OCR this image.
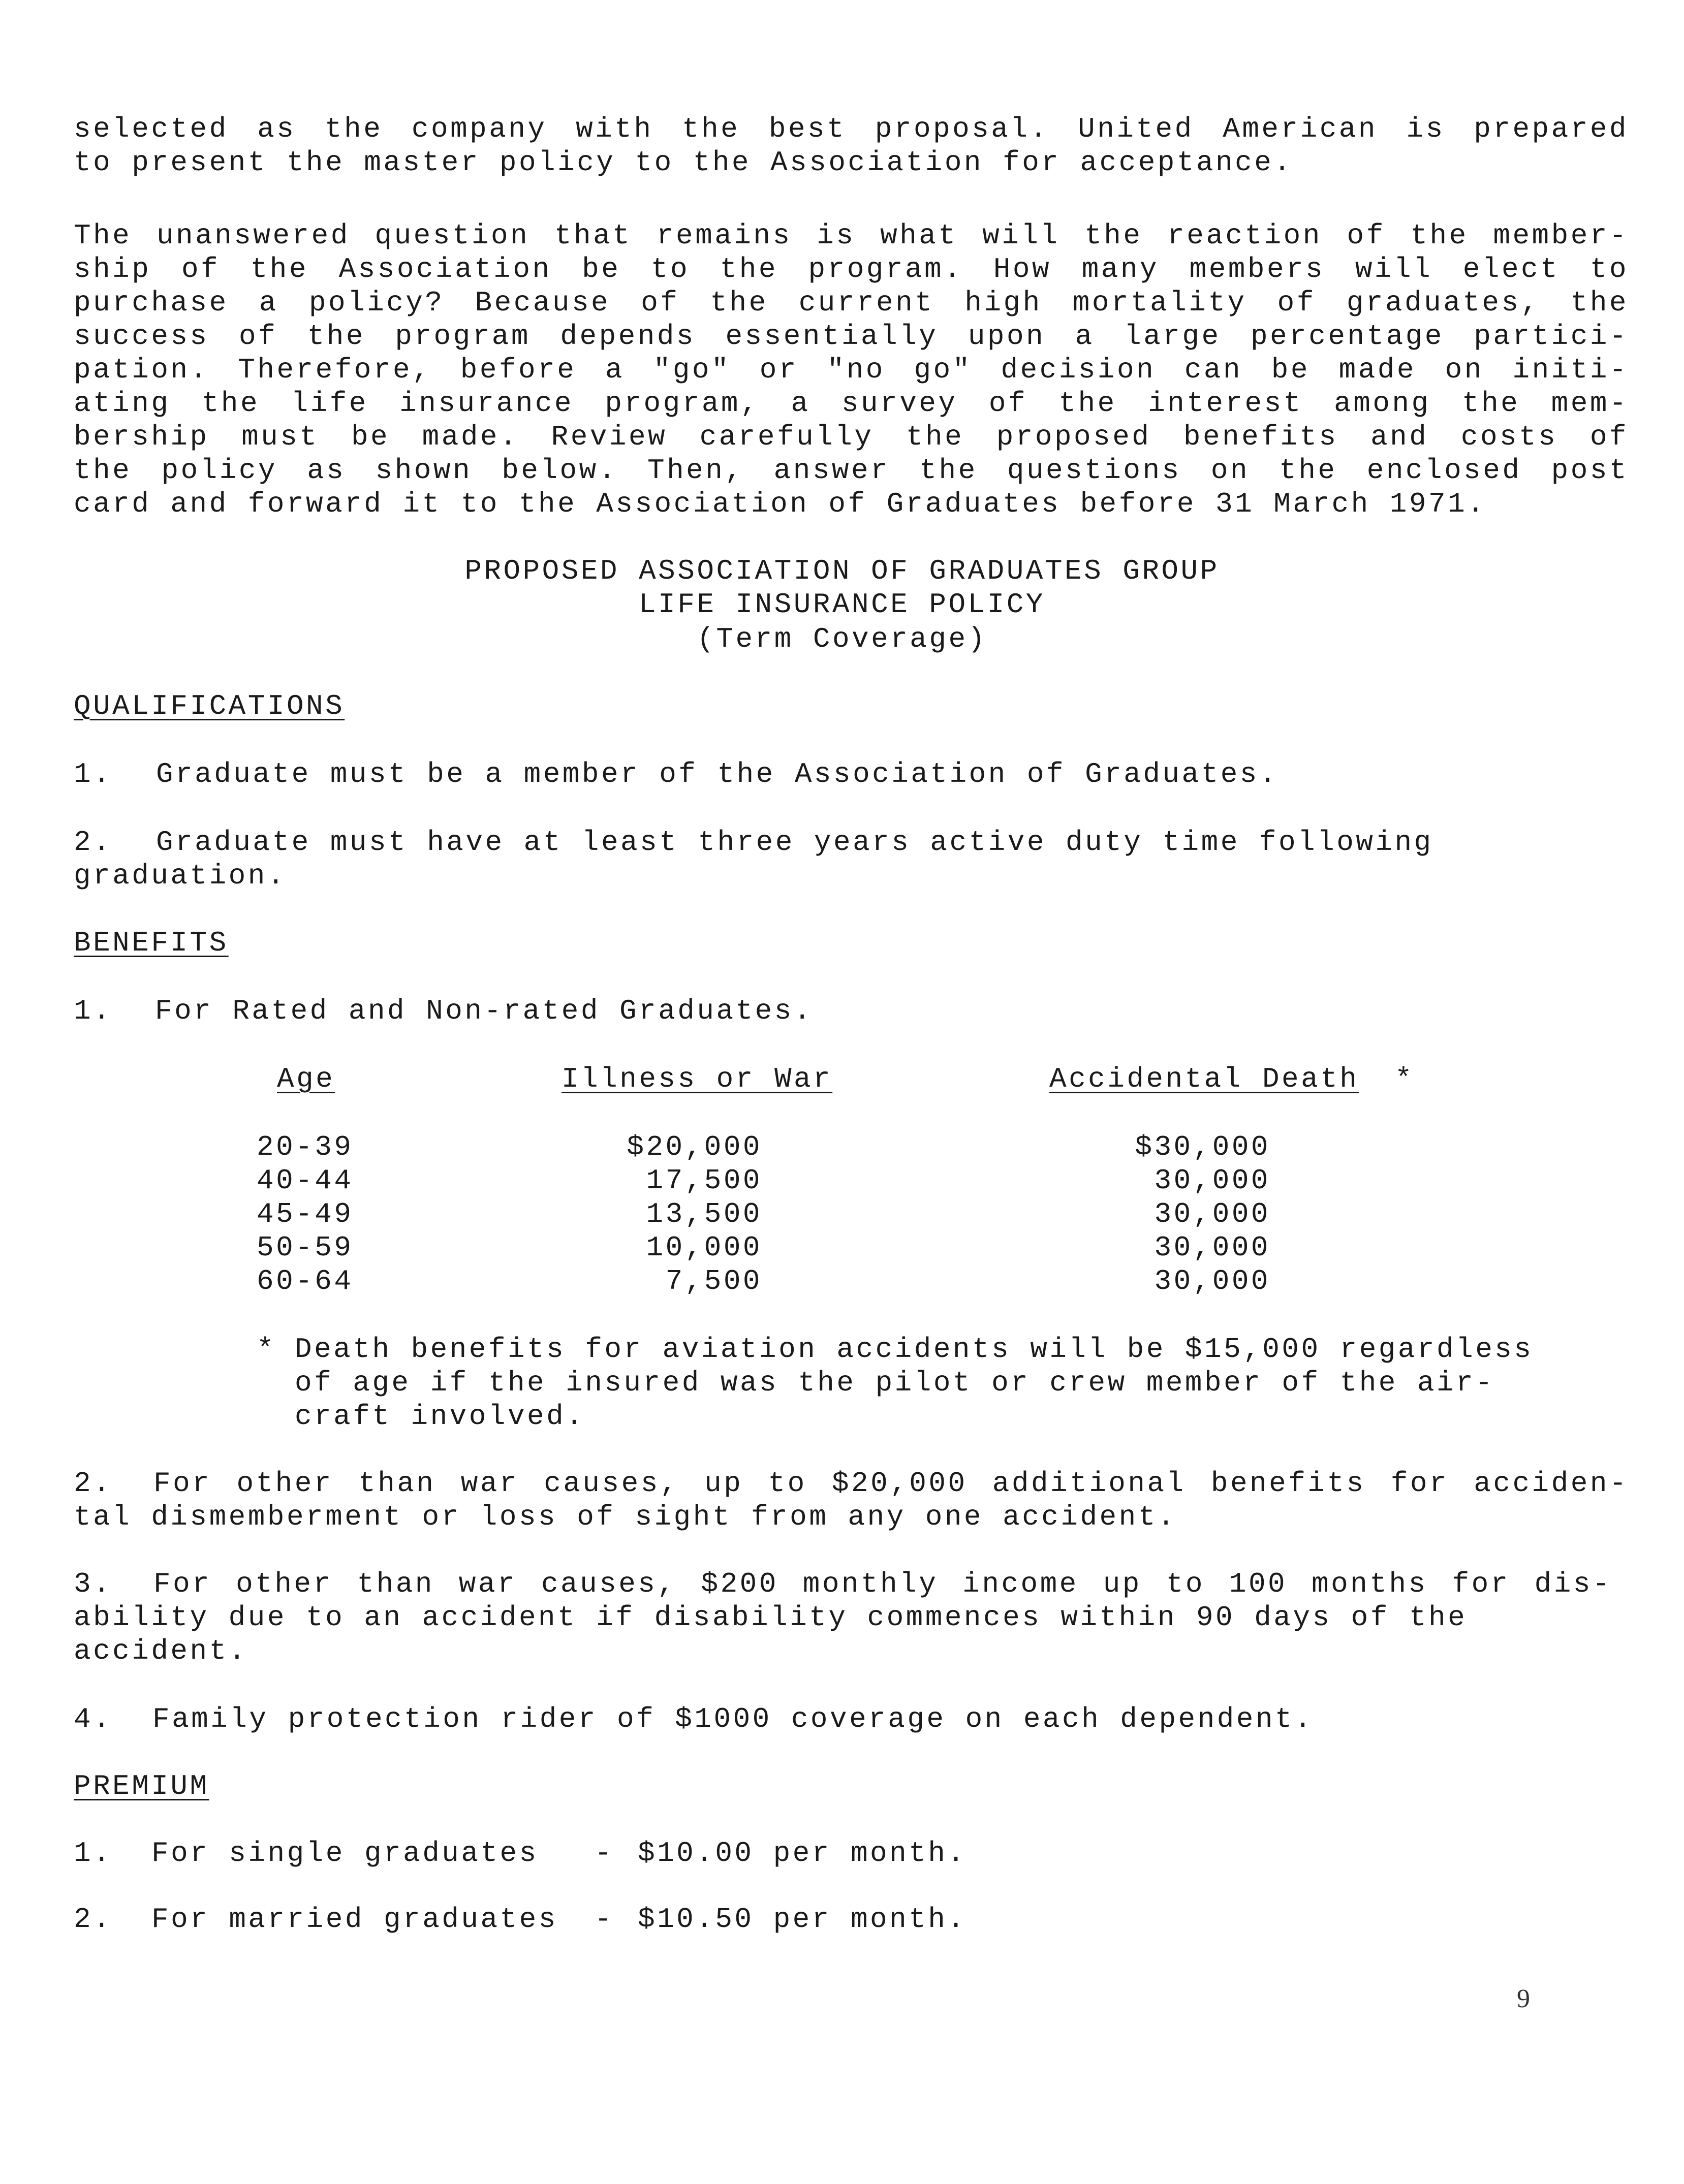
selected as the company with the best proposal. United American is prepared
to present the master policy to the Association for acceptance.
The unanswered question that remains is what will the reaction of the member-
ship of the Association be to the program. How many members will elect to
purchase a policy? Because of the current high mortality of graduates, the
success of the program depends essentially upon a large percentage partici-
pation. Therefore, before a "go" or "no go" decision can be made on initi-
ating the life insurance program, a survey of the interest among the mem-
bership must be made. Review carefully the proposed benefits and costs of
the policy as shown below. Then, answer the questions on the enclosed post
card and forward it to the Association of Graduates before 31 March 1971.
PROPOSED ASSOCIATION OF GRADUATES GROUP
LIFE INSURANCE POLICY
(Term Coverage)
QUALIFICATIONS
1. Graduate must be a member of the Association of Graduates.
2. Graduate must have at least three years active duty time following
graduation.
BENEFITS
1. For Rated and Non-rated Graduates.
Age	Illness or War	Accidental Death *
20-39	$20,000	$30,000
40-44	17,500	30,000
45-49	13,500	30,000
50-59	10,000	30,000
60-64	7,500	30,000
* Death benefits for aviation accidents will be $15,000 regardless
of age if the insured was the pilot or crew member of the air-
craft involved.
2. For other than war causes, up to $20,000 additional benefits for acciden-
tal dismemberment or loss of sight from any one accident.
3. For other than war causes, $200 monthly income up to 100 months for dis-
ability due to an accident if disability commences within 90 days of the
accident.
4. Family protection rider of $1000 coverage on each dependent.
PREMIUM
1. For single graduates - $10.00 per month.
2. For married graduates - $10.50 per month.
9
